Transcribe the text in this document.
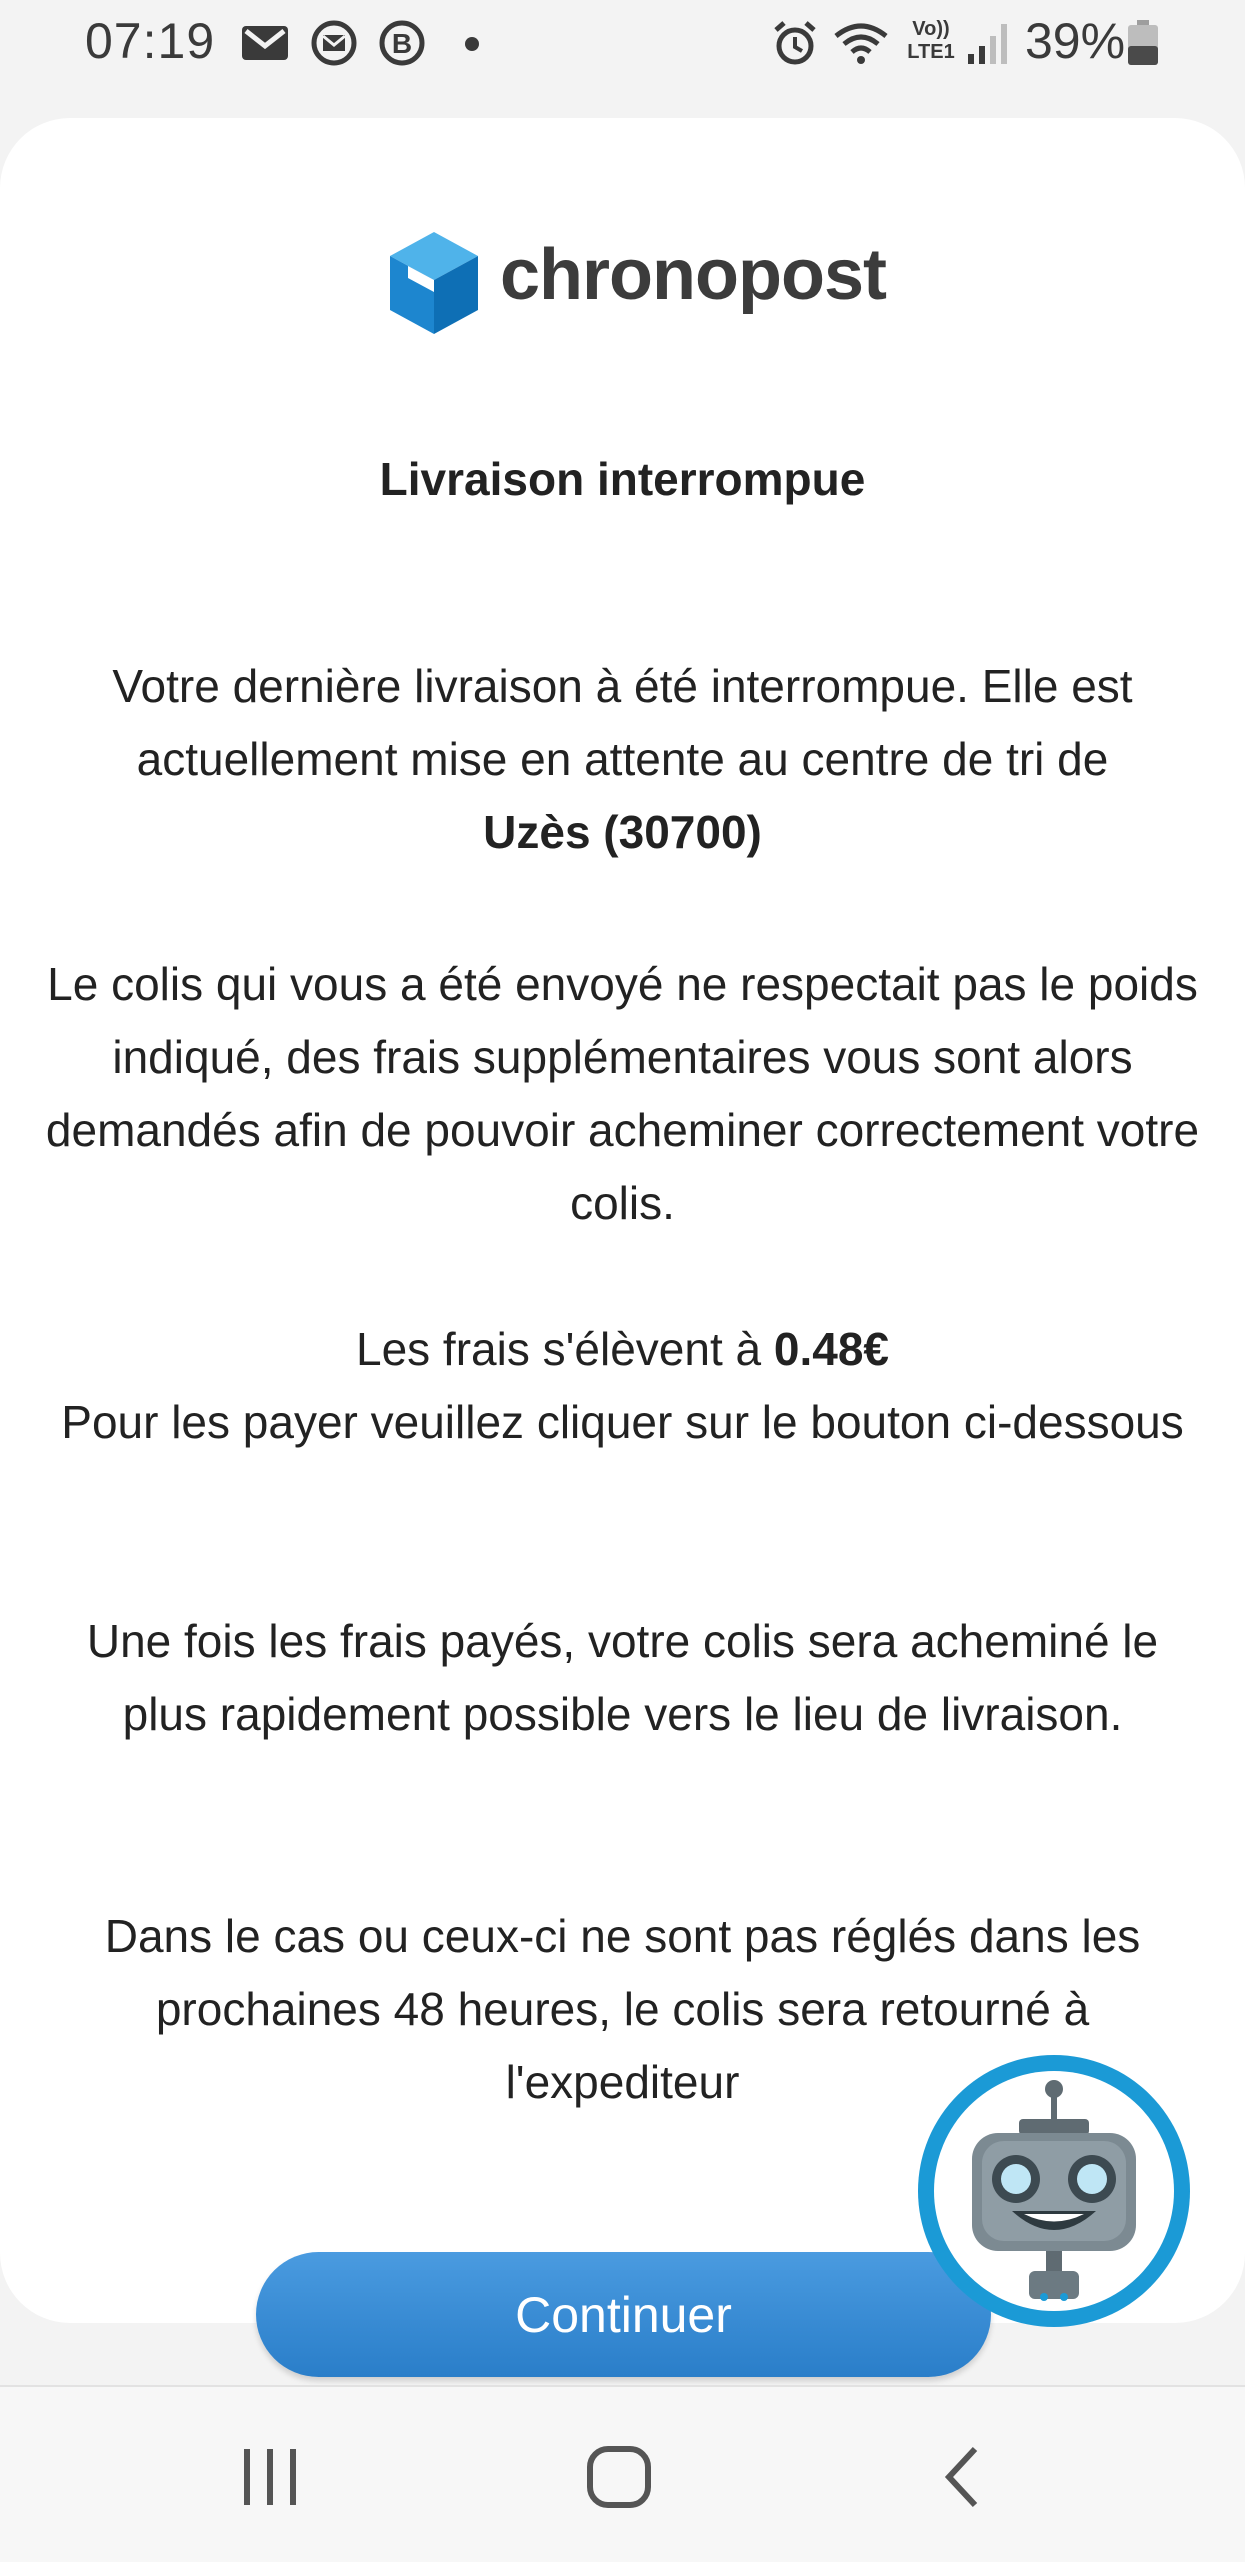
07:19	B	Vo))
LTE1 39%
chronopost
Livraison interrompue
Votre dernière livraison à été interrompue. Elle est actuellement mise en attente au centre de tri de
Uzès (30700)
Le colis qui vous a été envoyé ne respectait pas le poids indiqué, des frais supplémentaires vous sont alors demandés afin de pouvoir acheminer correctement votre colis.
Les frais s'élèvent à 0.48€
Pour les payer veuillez cliquer sur le bouton ci-dessous
Une fois les frais payés, votre colis sera acheminé le plus rapidement possible vers le lieu de livraison.
Dans le cas ou ceux-ci ne sont pas réglés dans les prochaines 48 heures, le colis sera retourné à l'expediteur
Continuer
